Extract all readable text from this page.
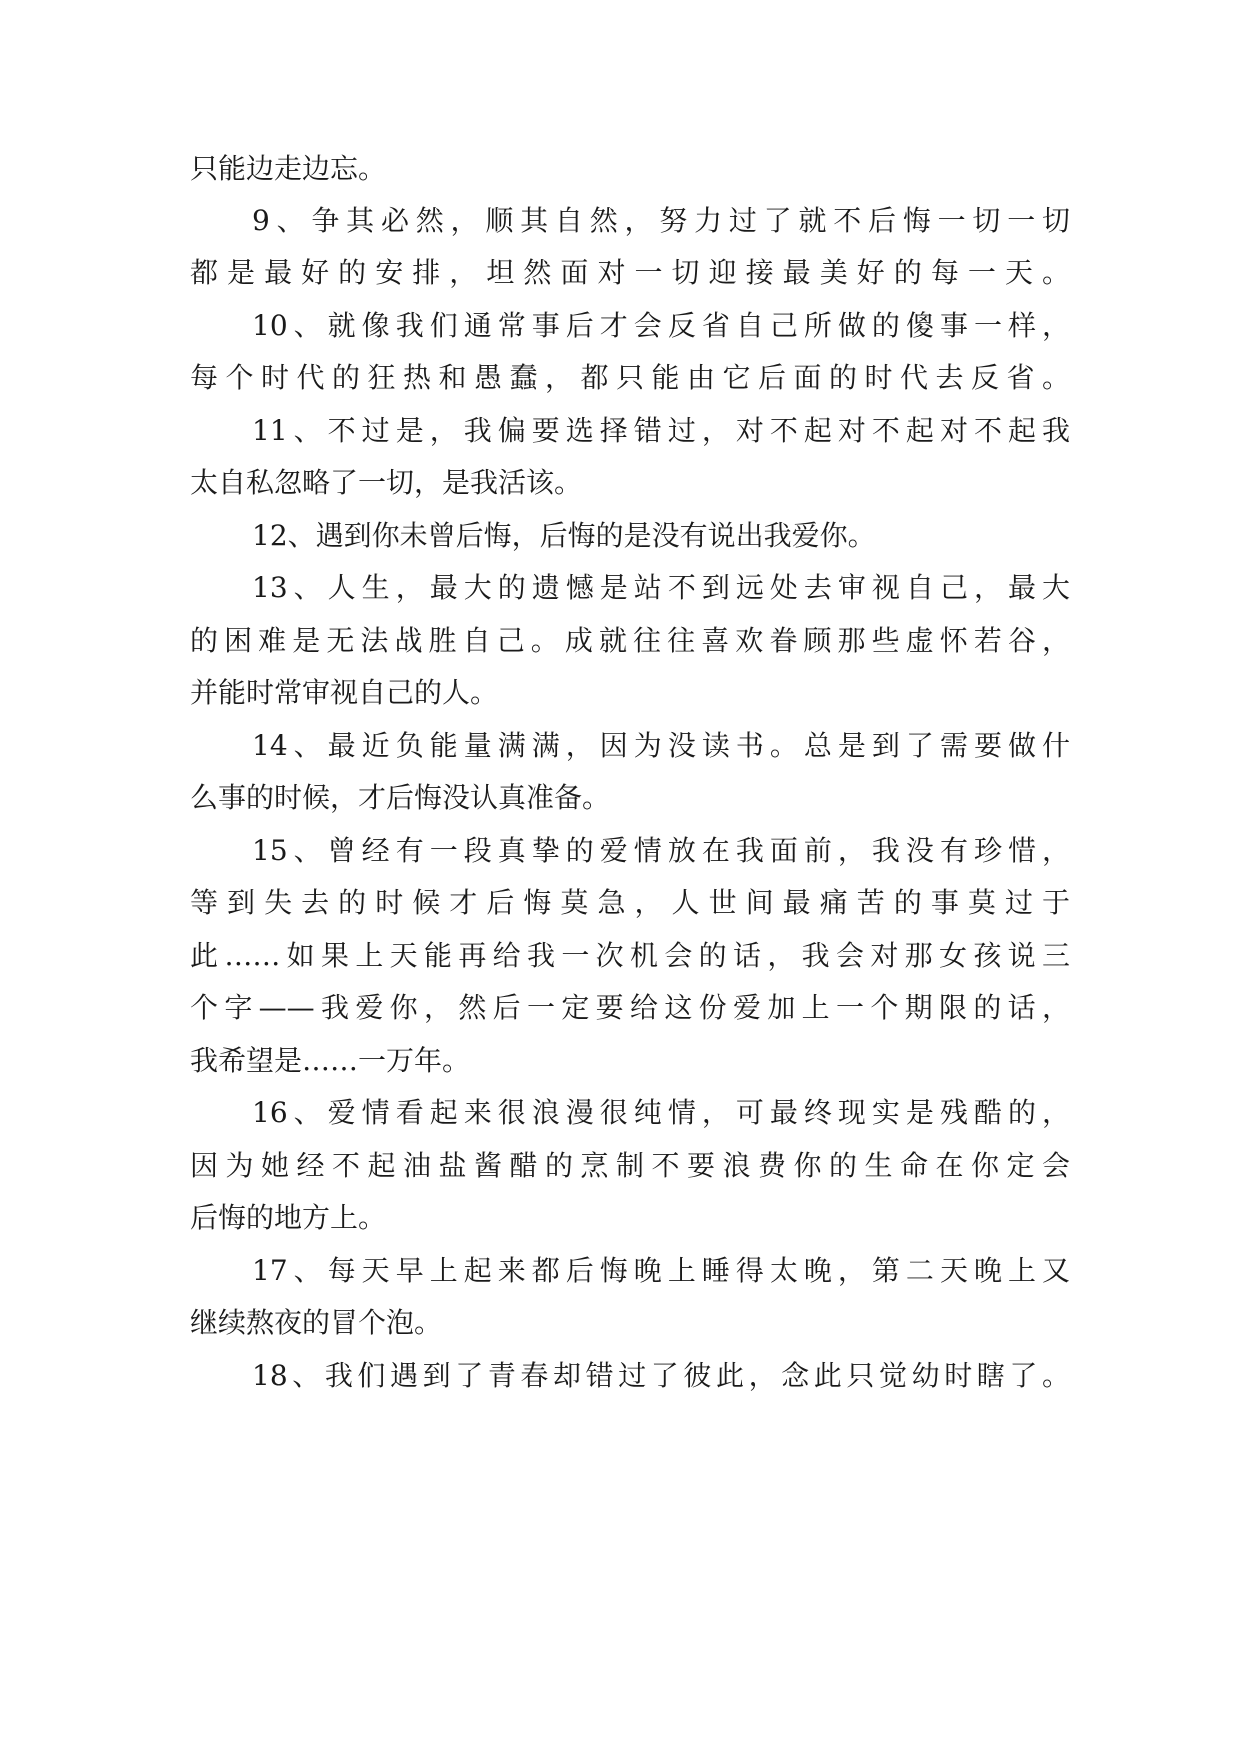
只能边走边忘。

9、争其必然，顺其自然，努力过了就不后悔一切一切

都是最好的安排，坦然面对一切迎接最美好的每一天。

10、就像我们通常事后才会反省自己所做的傻事一样，

每个时代的狂热和愚蠢，都只能由它后面的时代去反省。

11、不过是，我偏要选择错过，对不起对不起对不起我

太自私忽略了一切，是我活该。

12、遇到你未曾后悔，后悔的是没有说出我爱你。

13、人生，最大的遗憾是站不到远处去审视自己，最大

的困难是无法战胜自己。成就往往喜欢眷顾那些虚怀若谷，

并能时常审视自己的人。

14、最近负能量满满，因为没读书。总是到了需要做什

么事的时候，才后悔没认真准备。

15、曾经有一段真挚的爱情放在我面前，我没有珍惜，

等到失去的时候才后悔莫急，人世间最痛苦的事莫过于

此……如果上天能再给我一次机会的话，我会对那女孩说三

个字——我爱你，然后一定要给这份爱加上一个期限的话，

我希望是……一万年。

16、爱情看起来很浪漫很纯情，可最终现实是残酷的，

因为她经不起油盐酱醋的烹制不要浪费你的生命在你定会

后悔的地方上。

17、每天早上起来都后悔晚上睡得太晚，第二天晚上又

继续熬夜的冒个泡。

18、我们遇到了青春却错过了彼此，念此只觉幼时瞎了。
